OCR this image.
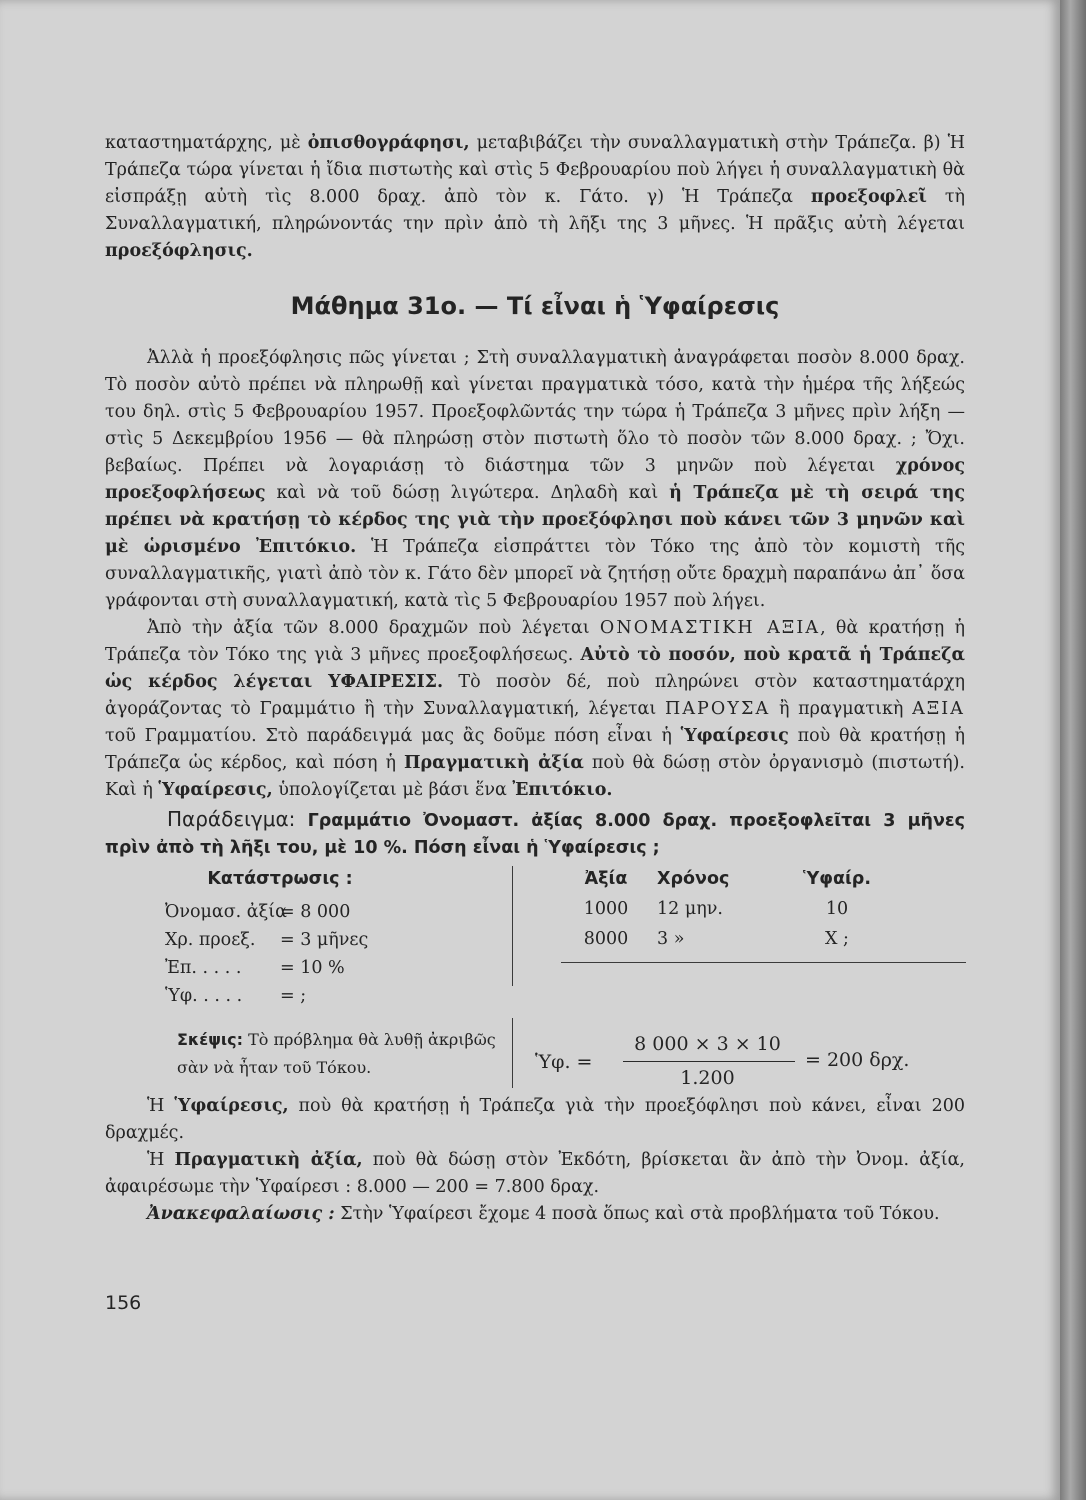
καταστηματάρχης, μὲ ὀπισθογράφησι, μεταβιβάζει τὴν συναλλαγματικὴ στὴν Τράπεζα. β) Ἡ Τράπεζα τώρα γίνεται ἡ ἴδια πιστωτὴς καὶ στὶς 5 Φεβρουαρίου ποὺ λήγει ἡ συναλλαγματικὴ θὰ εἰσπράξῃ αὐτὴ τὶς 8.000 δραχ. ἀπὸ τὸν κ. Γάτο. γ) Ἡ Τράπεζα προεξοφλεῖ τὴ Συναλλαγματική, πληρώνοντάς την πρὶν ἀπὸ τὴ λῆξι της 3 μῆνες. Ἡ πρᾶξις αὐτὴ λέγεται προεξόφλησις.

Μάθημα 31ο. — Τί εἶναι ἡ Ὑφαίρεσις

Ἀλλὰ ἡ προεξόφλησις πῶς γίνεται ; Στὴ συναλλαγματικὴ ἀναγράφεται ποσὸν 8.000 δραχ. Τὸ ποσὸν αὐτὸ πρέπει νὰ πληρωθῇ καὶ γίνεται πραγματικὰ τόσο, κατὰ τὴν ἡμέρα τῆς λήξεώς του δηλ. στὶς 5 Φεβρουαρίου 1957. Προεξοφλῶντάς την τώρα ἡ Τράπεζα 3 μῆνες πρὶν λήξη — στὶς 5 Δεκεμβρίου 1956 — θὰ πληρώσῃ στὸν πιστωτὴ ὅλο τὸ ποσὸν τῶν 8.000 δραχ. ; Ὄχι. βεβαίως. Πρέπει νὰ λογαριάσῃ τὸ διάστημα τῶν 3 μηνῶν ποὺ λέγεται χρόνος προεξοφλήσεως καὶ νὰ τοῦ δώσῃ λιγώτερα. Δηλαδὴ καὶ ἡ Τράπεζα μὲ τὴ σειρά της πρέπει νὰ κρατήσῃ τὸ κέρδος της γιὰ τὴν προεξόφλησι ποὺ κάνει τῶν 3 μηνῶν καὶ μὲ ὡρισμένο Ἐπιτόκιο. Ἡ Τράπεζα εἰσπράττει τὸν Τόκο της ἀπὸ τὸν κομιστὴ τῆς συναλλαγματικῆς, γιατὶ ἀπὸ τὸν κ. Γάτο δὲν μπορεῖ νὰ ζητήσῃ οὔτε δραχμὴ παραπάνω ἀπ᾽ ὅσα γράφονται στὴ συναλλαγματική, κατὰ τὶς 5 Φεβρουαρίου 1957 ποὺ λήγει.

Ἀπὸ τὴν ἀξία τῶν 8.000 δραχμῶν ποὺ λέγεται ΟΝΟΜΑΣΤΙΚΗ ΑΞΙΑ, θὰ κρατήσῃ ἡ Τράπεζα τὸν Τόκο της γιὰ 3 μῆνες προεξοφλήσεως. Αὐτὸ τὸ ποσόν, ποὺ κρατᾶ ἡ Τράπεζα ὡς κέρδος λέγεται ΥΦΑΙΡΕΣΙΣ. Τὸ ποσὸν δέ, ποὺ πληρώνει στὸν καταστηματάρχη ἀγοράζοντας τὸ Γραμμάτιο ἢ τὴν Συναλλαγματική, λέγεται ΠΑΡΟΥΣΑ ἢ πραγματικὴ ΑΞΙΑ τοῦ Γραμματίου. Στὸ παράδειγμά μας ἂς δοῦμε πόση εἶναι ἡ Ὑφαίρεσις ποὺ θὰ κρατήσῃ ἡ Τράπεζα ὡς κέρδος, καὶ πόση ἡ Πραγματικὴ ἀξία ποὺ θὰ δώσῃ στὸν ὀργανισμὸ (πιστωτή). Καὶ ἡ Ὑφαίρεσις, ὑπολογίζεται μὲ βάσι ἕνα Ἐπιτόκιο.

Παράδειγμα: Γραμμάτιο Ὀνομαστ. ἀξίας 8.000 δραχ. προεξοφλεῖται 3 μῆνες πρὶν ἀπὸ τὴ λῆξι του, μὲ 10 %. Πόση εἶναι ἡ Ὑφαίρεσις ;

Κατάστρωσις :
Ὀνομασ. ἀξία= 8 000
Χρ. προεξ. = 3 μῆνες
Ἐπ. . . . . = 10 %
Ὑφ. . . . . = ;
Ἀξία Χρόνος	Ὑφαίρ.
1000 12 μην.	10
8000 3 »	Χ ;
Σκέψις: Τὸ πρόβλημα θὰ λυθῇ ἀκριβῶς σὰν νὰ ἦταν τοῦ Τόκου.	Ὑφ. =
8 000 × 3 × 10
1.200
= 200 δρχ.

Ἡ Ὑφαίρεσις, ποὺ θὰ κρατήσῃ ἡ Τράπεζα γιὰ τὴν προεξόφλησι ποὺ κάνει, εἶναι 200 δραχμές.

Ἡ Πραγματικὴ ἀξία, ποὺ θὰ δώσῃ στὸν Ἐκδότη, βρίσκεται ἂν ἀπὸ τὴν Ὀνομ. ἀξία, ἀφαιρέσωμε τὴν Ὑφαίρεσι : 8.000 — 200 = 7.800 δραχ.

Ἀνακεφαλαίωσις : Στὴν Ὑφαίρεσι ἔχομε 4 ποσὰ ὅπως καὶ στὰ προβλήματα τοῦ Τόκου.

156
